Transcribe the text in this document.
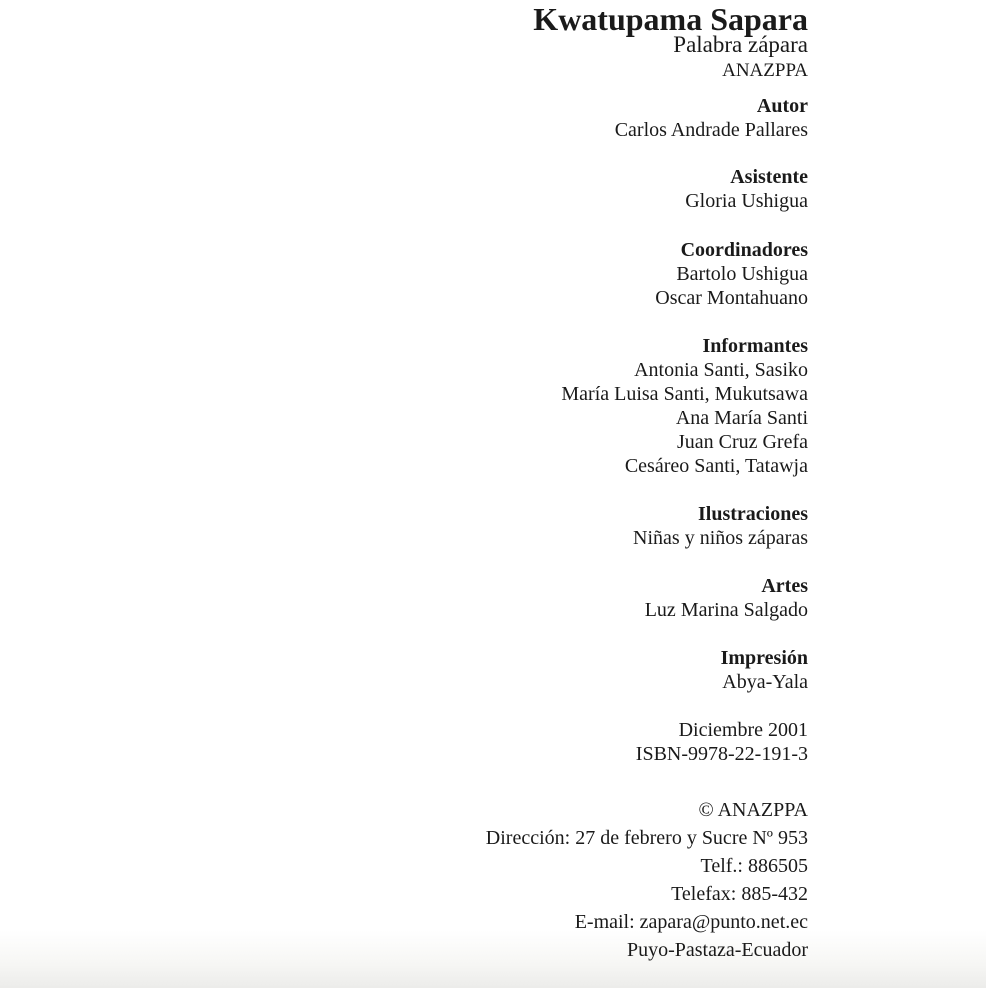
Kwatupama Sapara
Palabra zápara
ANAZPPA
Autor
Carlos Andrade Pallares
Asistente
Gloria Ushigua
Coordinadores
Bartolo Ushigua
Oscar Montahuano
Informantes
Antonia Santi, Sasiko
María Luisa Santi, Mukutsawa
Ana María Santi
Juan Cruz Grefa
Cesáreo Santi, Tatawja
Ilustraciones
Niñas y niños záparas
Artes
Luz Marina Salgado
Impresión
Abya-Yala
Diciembre 2001
ISBN-9978-22-191-3
© ANAZPPA
Dirección: 27 de febrero y Sucre Nº 953
Telf.: 886505
Telefax: 885-432
E-mail: zapara@punto.net.ec
Puyo-Pastaza-Ecuador
